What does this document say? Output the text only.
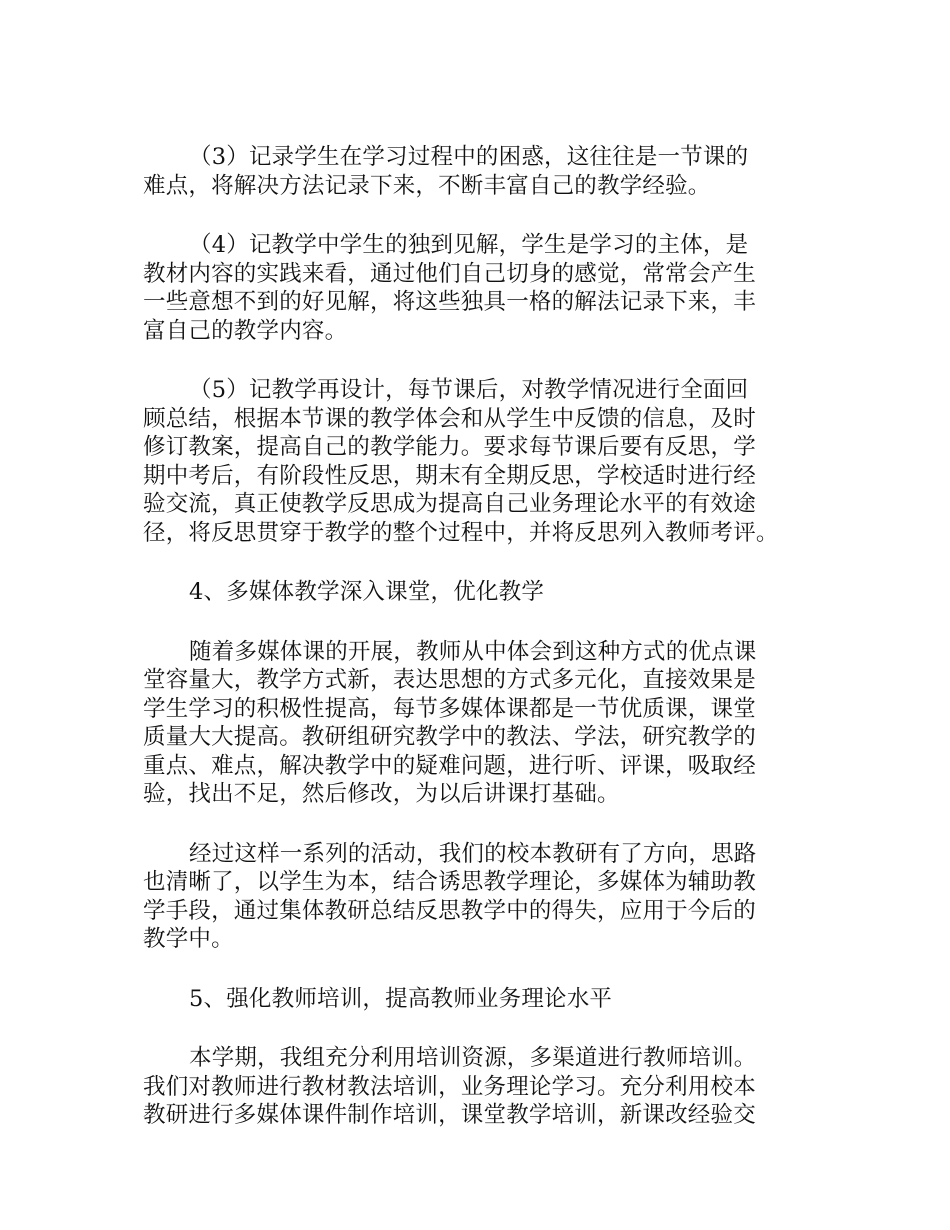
（3）记录学生在学习过程中的困惑，这往往是一节课的
难点，将解决方法记录下来，不断丰富自己的教学经验。

（4）记教学中学生的独到见解，学生是学习的主体，是
教材内容的实践来看，通过他们自己切身的感觉，常常会产生
一些意想不到的好见解，将这些独具一格的解法记录下来，丰
富自己的教学内容。

（5）记教学再设计，每节课后，对教学情况进行全面回
顾总结，根据本节课的教学体会和从学生中反馈的信息，及时
修订教案，提高自己的教学能力。要求每节课后要有反思，学
期中考后，有阶段性反思，期末有全期反思，学校适时进行经
验交流，真正使教学反思成为提高自己业务理论水平的有效途
径，将反思贯穿于教学的整个过程中，并将反思列入教师考评。

4、多媒体教学深入课堂，优化教学

随着多媒体课的开展，教师从中体会到这种方式的优点课
堂容量大，教学方式新，表达思想的方式多元化，直接效果是
学生学习的积极性提高，每节多媒体课都是一节优质课，课堂
质量大大提高。教研组研究教学中的教法、学法，研究教学的
重点、难点，解决教学中的疑难问题，进行听、评课，吸取经
验，找出不足，然后修改，为以后讲课打基础。

经过这样一系列的活动，我们的校本教研有了方向，思路
也清晰了，以学生为本，结合诱思教学理论，多媒体为辅助教
学手段，通过集体教研总结反思教学中的得失，应用于今后的
教学中。

5、强化教师培训，提高教师业务理论水平

本学期，我组充分利用培训资源，多渠道进行教师培训。
我们对教师进行教材教法培训，业务理论学习。充分利用校本
教研进行多媒体课件制作培训，课堂教学培训，新课改经验交
